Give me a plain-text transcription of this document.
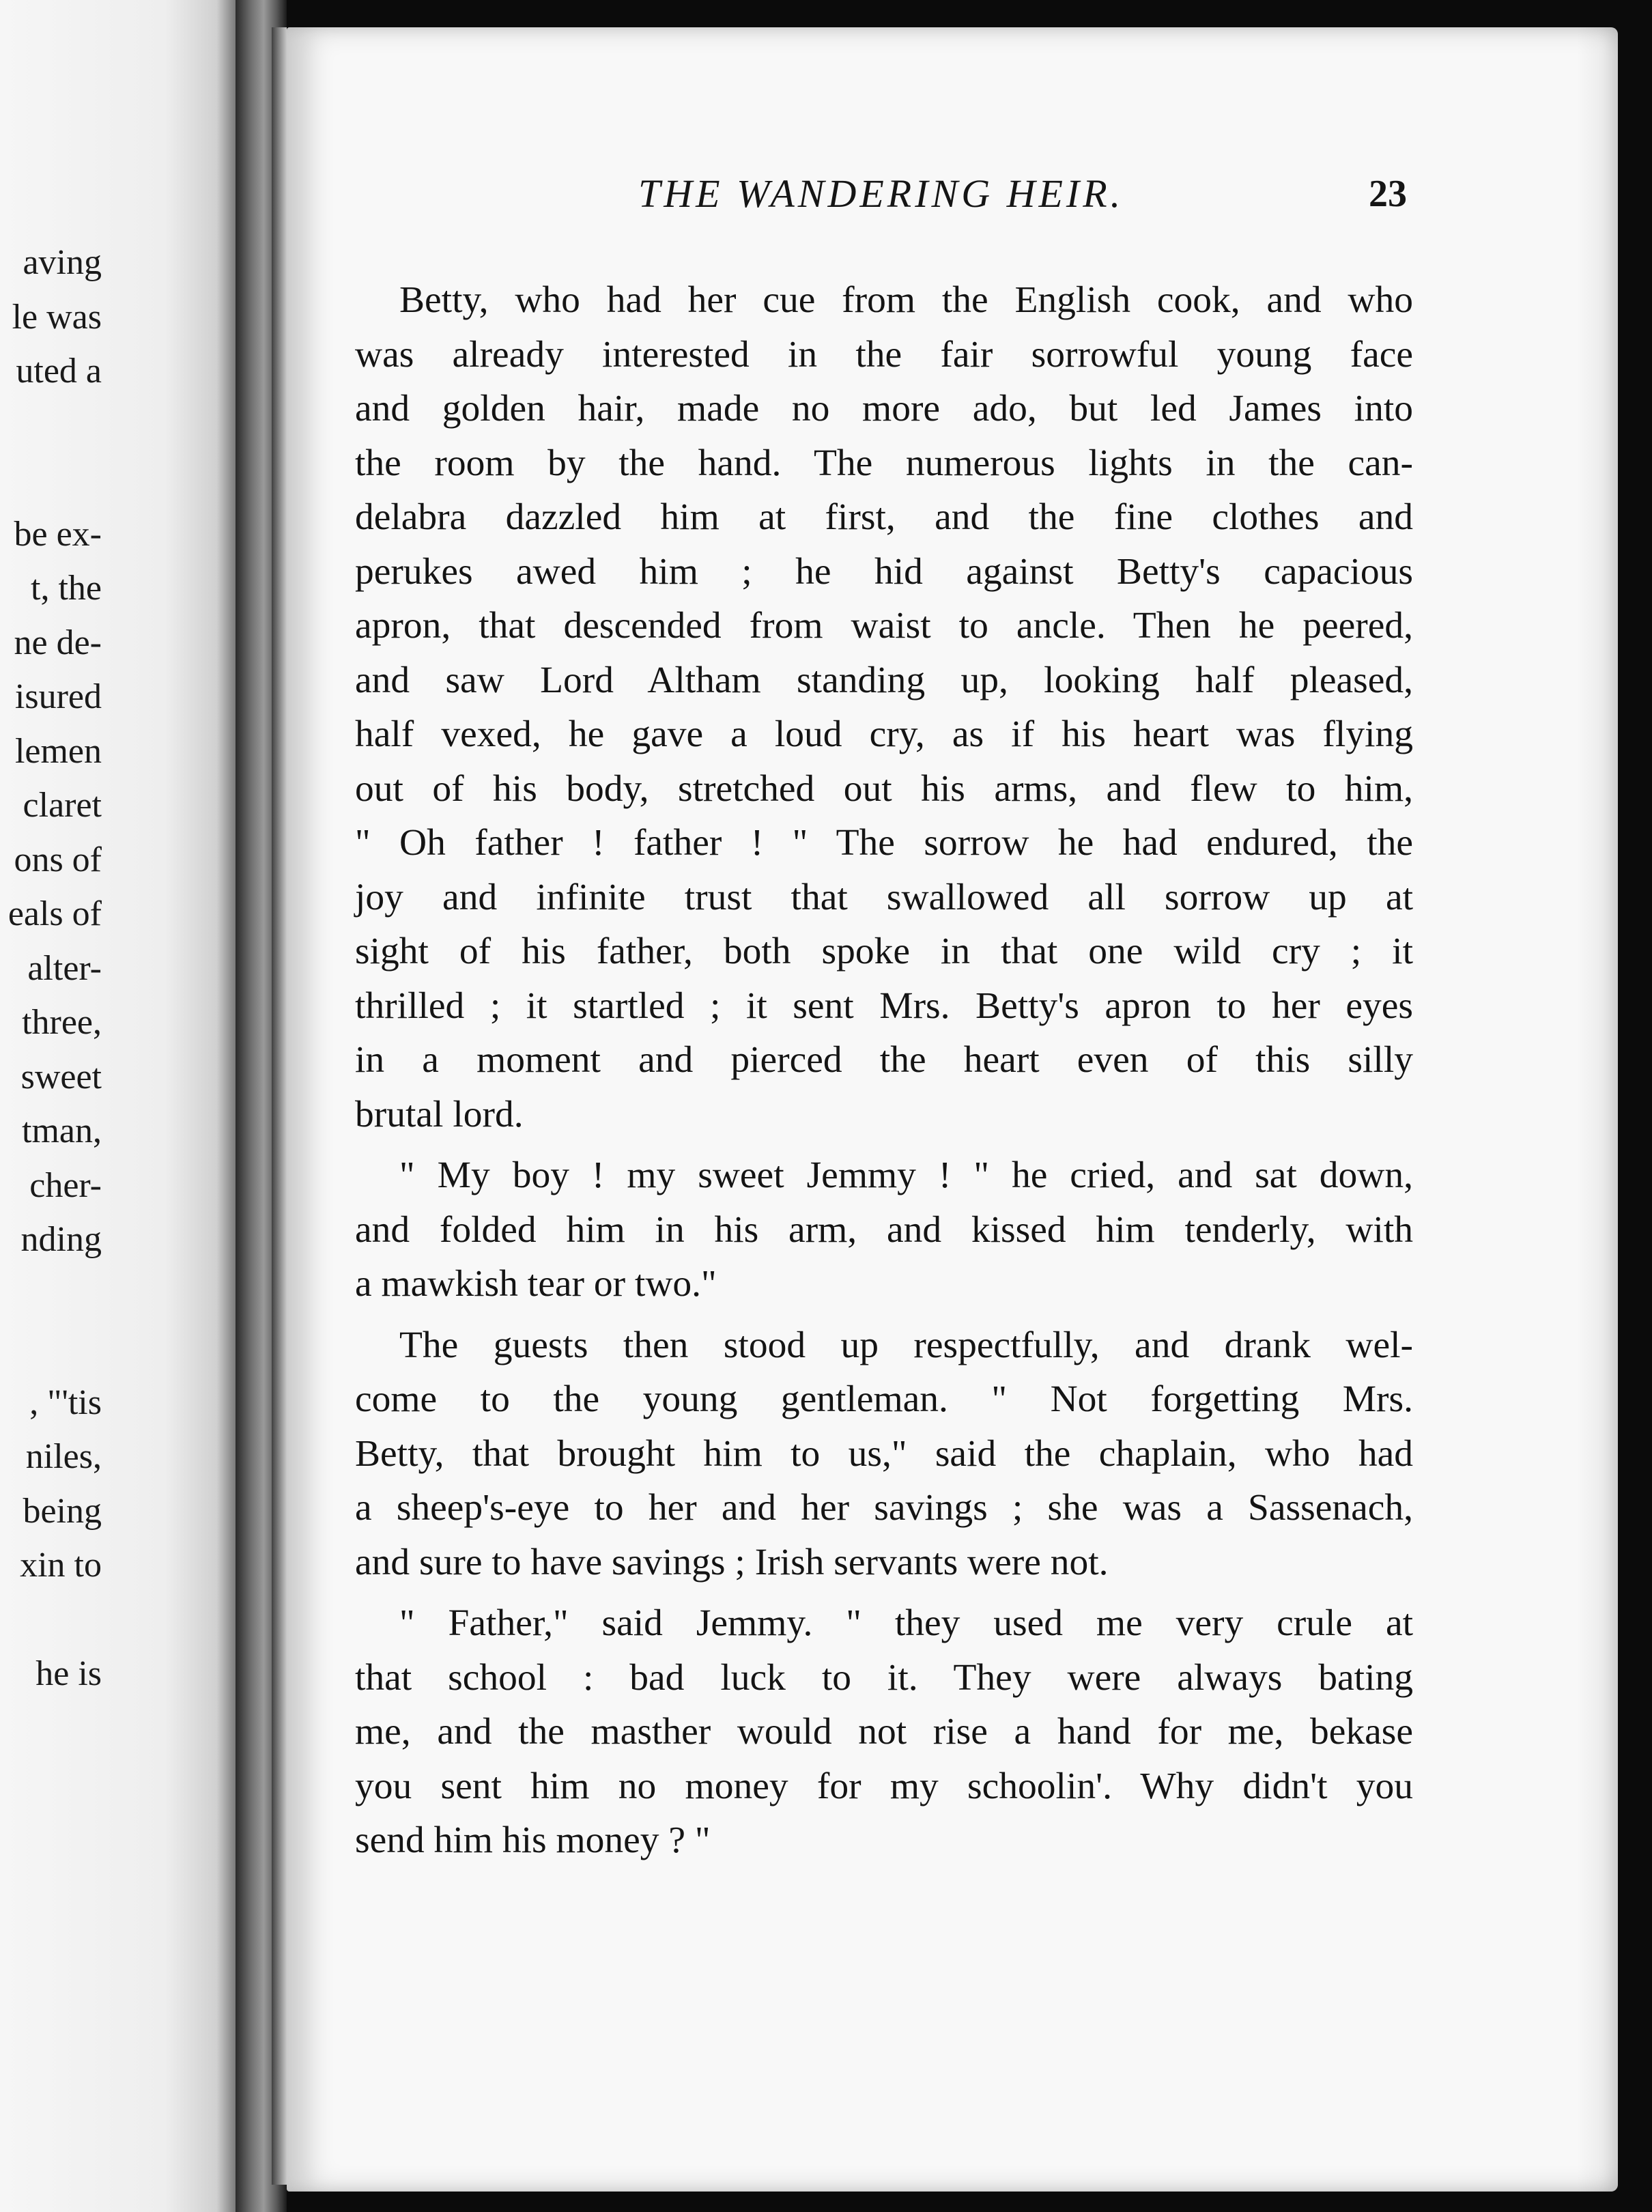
aving
le was
uted a
be ex-
t, the
ne de-
isured
lemen
claret
ons of
eals of
alter-
three,
sweet
tman,
cher-
nding
, "'tis
niles,
being
xin to
he is
THE WANDERING HEIR.	23
Betty, who had her cue from the English cook, and who
was already interested in the fair sorrowful young face
and golden hair, made no more ado, but led James into
the room by the hand. The numerous lights in the can-
delabra dazzled him at first, and the fine clothes and
perukes awed him ; he hid against Betty's capacious
apron, that descended from waist to ancle. Then he peered,
and saw Lord Altham standing up, looking half pleased,
half vexed, he gave a loud cry, as if his heart was flying
out of his body, stretched out his arms, and flew to him,
" Oh father ! father ! " The sorrow he had endured, the
joy and infinite trust that swallowed all sorrow up at
sight of his father, both spoke in that one wild cry ; it
thrilled ; it startled ; it sent Mrs. Betty's apron to her eyes
in a moment and pierced the heart even of this silly
brutal lord.
" My boy ! my sweet Jemmy ! " he cried, and sat down,
and folded him in his arm, and kissed him tenderly, with
a mawkish tear or two."
The guests then stood up respectfully, and drank wel-
come to the young gentleman. " Not forgetting Mrs.
Betty, that brought him to us," said the chaplain, who had
a sheep's-eye to her and her savings ; she was a Sassenach,
and sure to have savings ; Irish servants were not.
" Father," said Jemmy. " they used me very crule at
that school : bad luck to it. They were always bating
me, and the masther would not rise a hand for me, bekase
you sent him no money for my schoolin'. Why didn't you
send him his money ? "
